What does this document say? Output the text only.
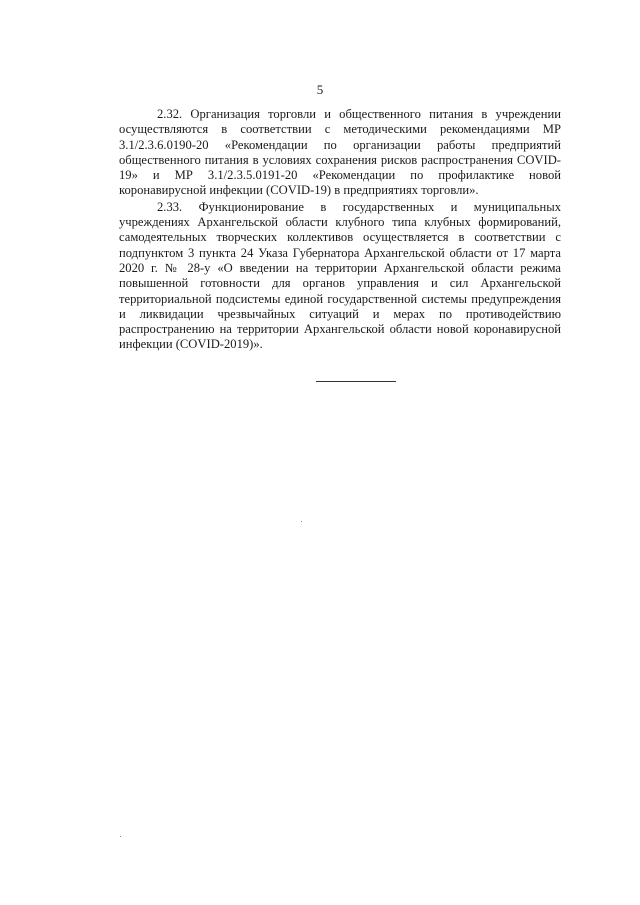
5

2.32. Организация торговли и общественного питания в учреждении осуществляются в соответствии с методическими рекомендациями МР 3.1/2.3.6.0190-20 «Рекомендации по организации работы предприятий общественного питания в условиях сохранения рисков распространения COVID-19» и МР 3.1/2.3.5.0191-20 «Рекомендации по профилактике новой коронавирусной инфекции (COVID-19) в предприятиях торговли».

2.33. Функционирование в государственных и муниципальных учреждениях Архангельской области клубного типа клубных формирований, самодеятельных творческих коллективов осуществляется в соответствии с подпунктом 3 пункта 24 Указа Губернатора Архангельской области от 17 марта 2020 г. № 28-у «О введении на территории Архангельской области режима повышенной готовности для органов управления и сил Архангельской территориальной подсистемы единой государственной системы предупреждения и ликвидации чрезвычайных ситуаций и мерах по противодействию распространению на территории Архангельской области новой коронавирусной инфекции (COVID-2019)».
